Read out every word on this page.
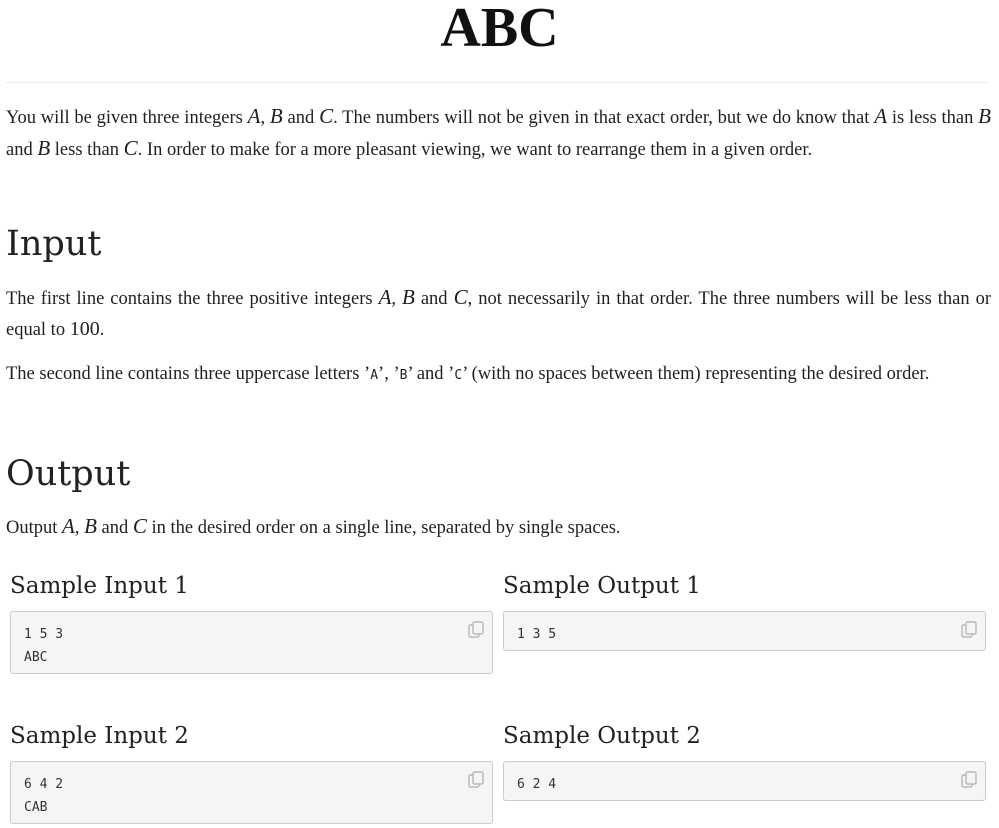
ABC

You will be given three integers A, B and C. The numbers will not be given in that exact order, but we do know that A is less than B and B less than C. In order to make for a more pleasant viewing, we want to rearrange them in a given order.

Input

The first line contains the three positive integers A, B and C, not necessarily in that order. The three numbers will be less than or equal to 100.

The second line contains three uppercase letters ’A’, ’B’ and ’C’ (with no spaces between them) representing the desired order.

Output

Output A, B and C in the desired order on a single line, separated by single spaces.

Sample Input 1
1 5 3
ABC
Sample Output 1
1 3 5
Sample Input 2
6 4 2
CAB
Sample Output 2
6 2 4
